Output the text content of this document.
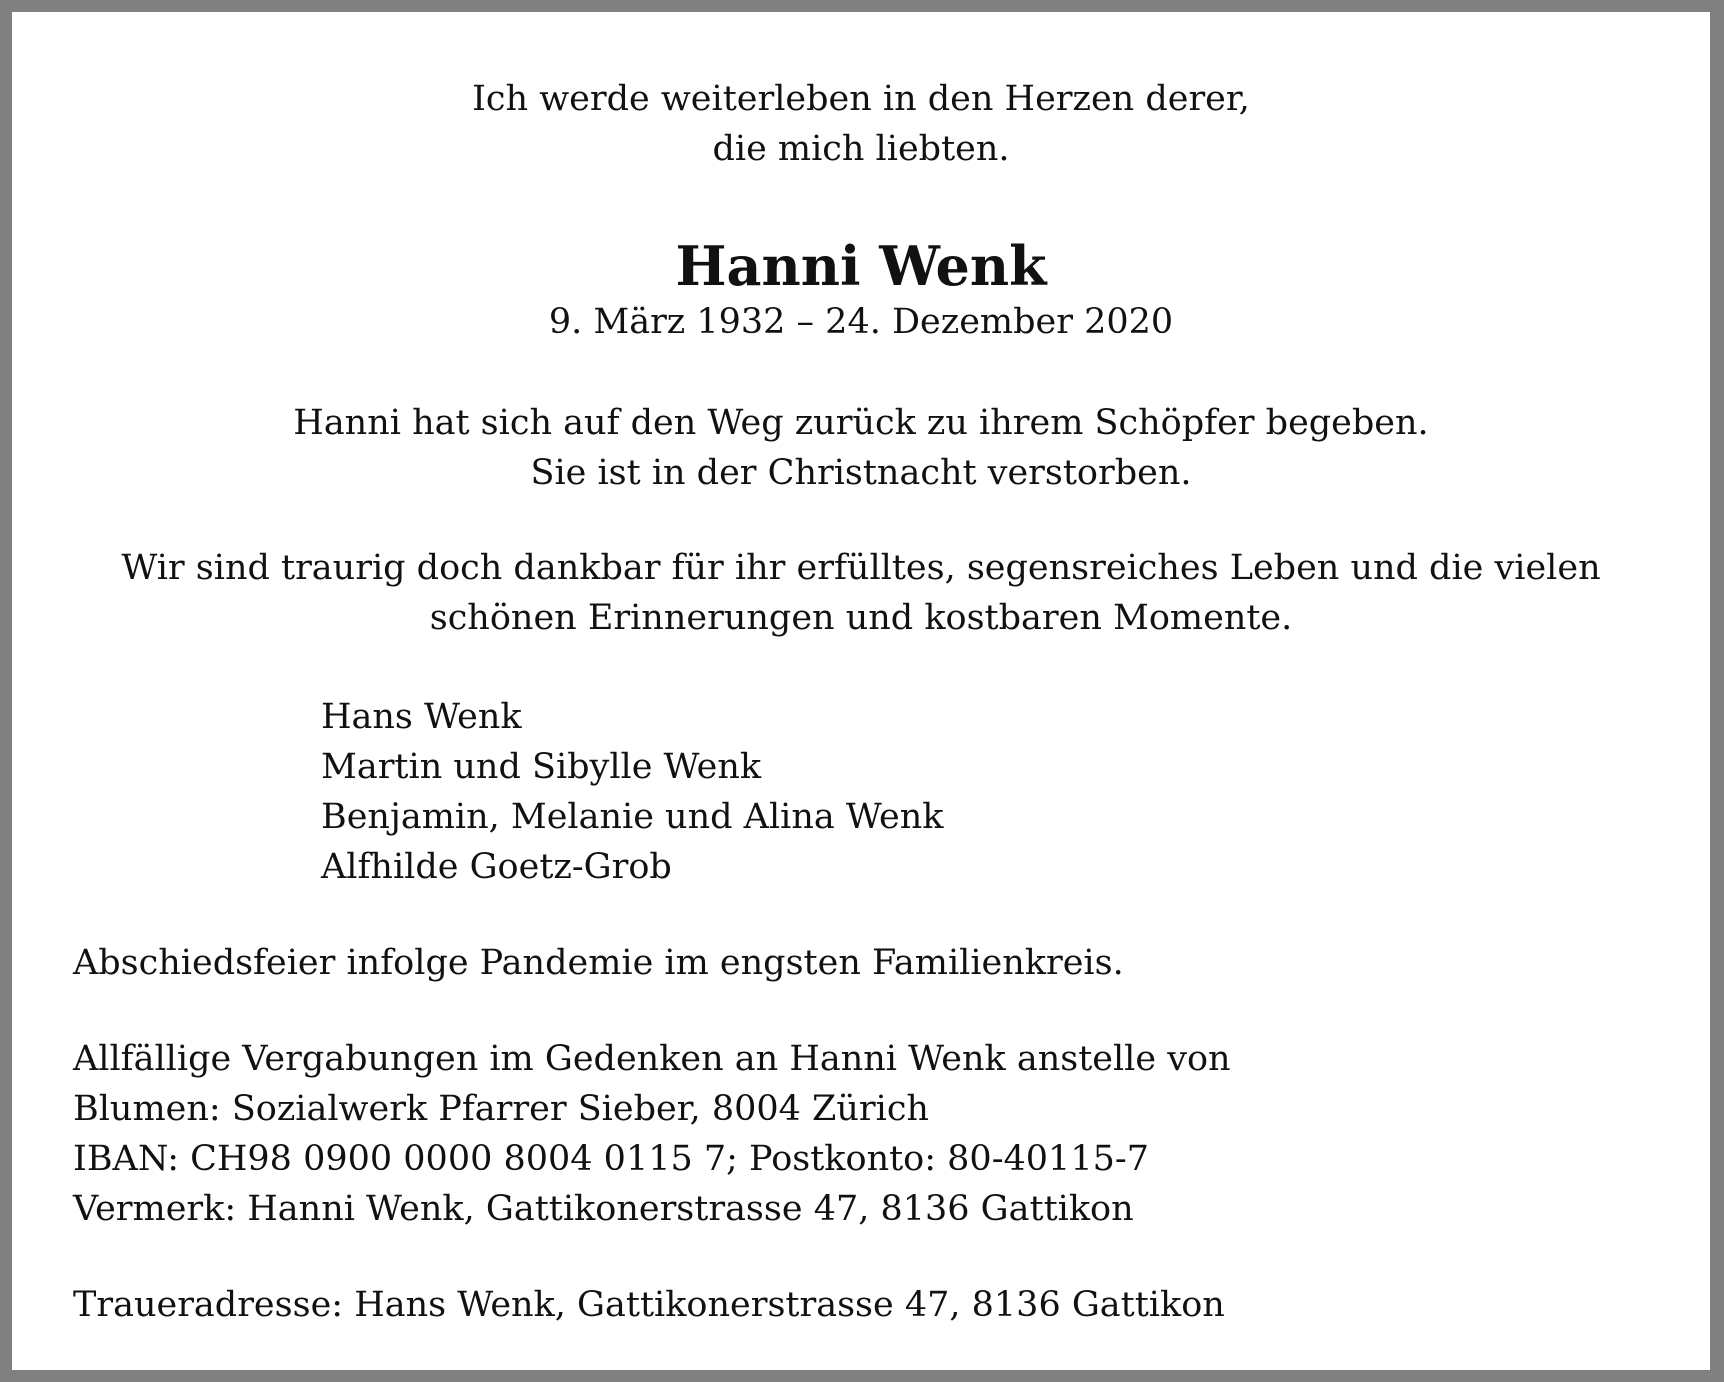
Ich werde weiterleben in den Herzen derer,

die mich liebten.

Hanni Wenk

9. März 1932 – 24. Dezember 2020

Hanni hat sich auf den Weg zurück zu ihrem Schöpfer begeben.

Sie ist in der Christnacht verstorben.

Wir sind traurig doch dankbar für ihr erfülltes, segensreiches Leben und die vielen

schönen Erinnerungen und kostbaren Momente.

Hans Wenk

Martin und Sibylle Wenk

Benjamin, Melanie und Alina Wenk

Alfhilde Goetz-Grob

Abschiedsfeier infolge Pandemie im engsten Familienkreis.

Allfällige Vergabungen im Gedenken an Hanni Wenk anstelle von

Blumen: Sozialwerk Pfarrer Sieber, 8004 Zürich

IBAN: CH98 0900 0000 8004 0115 7; Postkonto: 80-40115-7

Vermerk: Hanni Wenk, Gattikonerstrasse 47, 8136 Gattikon

Traueradresse: Hans Wenk, Gattikonerstrasse 47, 8136 Gattikon
